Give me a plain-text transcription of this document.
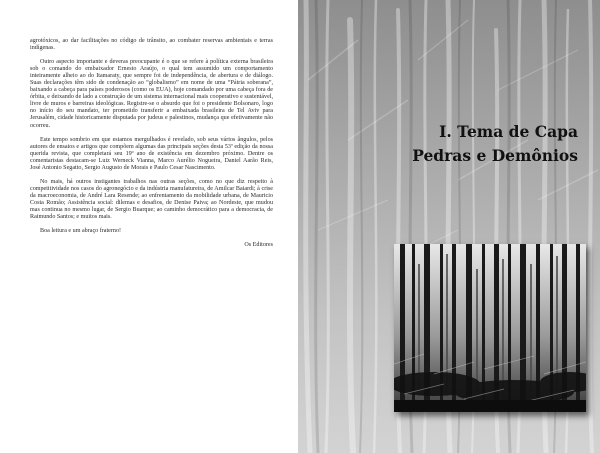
agrotóxicos, ao dar facilitações no código de trânsito, ao combater reservas ambientais e terras indígenas.

Outro aspecto importante e deveras preocupante é o que se refere à política externa brasileira sob o comando do embaixador Ernesto Araújo, o qual tem assumido um comportamento inteiramente alheio ao do Itamaraty, que sempre foi de independência, de abertura e de diálogo. Suas declarações têm sido de condenação ao “globalismo” em nome de uma “Pátria soberana”, baixando a cabeça para países poderosos (como os EUA), hoje comandado por uma cabeça fora de órbita, e deixando de lado a construção de um sistema internacional mais cooperativo e sustentável, livre de muros e barreiras ideológicas. Registre-se o absurdo que foi o presidente Bolsonaro, logo no início do seu mandato, ter prometido transferir a embaixada brasileira de Tel Aviv para Jerusalém, cidade historicamente disputada por judeus e palestinos, mudança que efetivamente não ocorreu.

Este tempo sombrio em que estamos mergulhados é revelado, sob seus vários ângulos, pelos autores de ensaios e artigos que compõem algumas das principais seções desta 53ª edição da nossa querida revista, que completará seu 19º ano de existência em dezembro próximo. Dentre os comentaristas destacam-se Luiz Werneck Vianna, Marco Aurélio Nogueira, Daniel Aarão Reis, José Antonio Segatto, Sergio Augusto de Morais e Paulo Cesar Nascimento.

No mais, há outros instigantes trabalhos nas outras seções, como no que diz respeito à competitividade nos casos do agronegócio e da indústria manufatureira, de Amilcar Baiardi; à crise da macroeconomia, de André Lara Resende; ao enfrentamento da mobilidade urbana, de Mauricio Costa Romão; Assistência social: dilemas e desafios, de Denise Paiva; ao Nordeste, que mudou mas continua no mesmo lugar, de Sergio Buarque; ao caminho democrático para a democracia, de Raimundo Santos; e muitos mais.

Boa leitura e um abraço fraterno!

Os Editores

I. Tema de Capa
Pedras e Demônios
